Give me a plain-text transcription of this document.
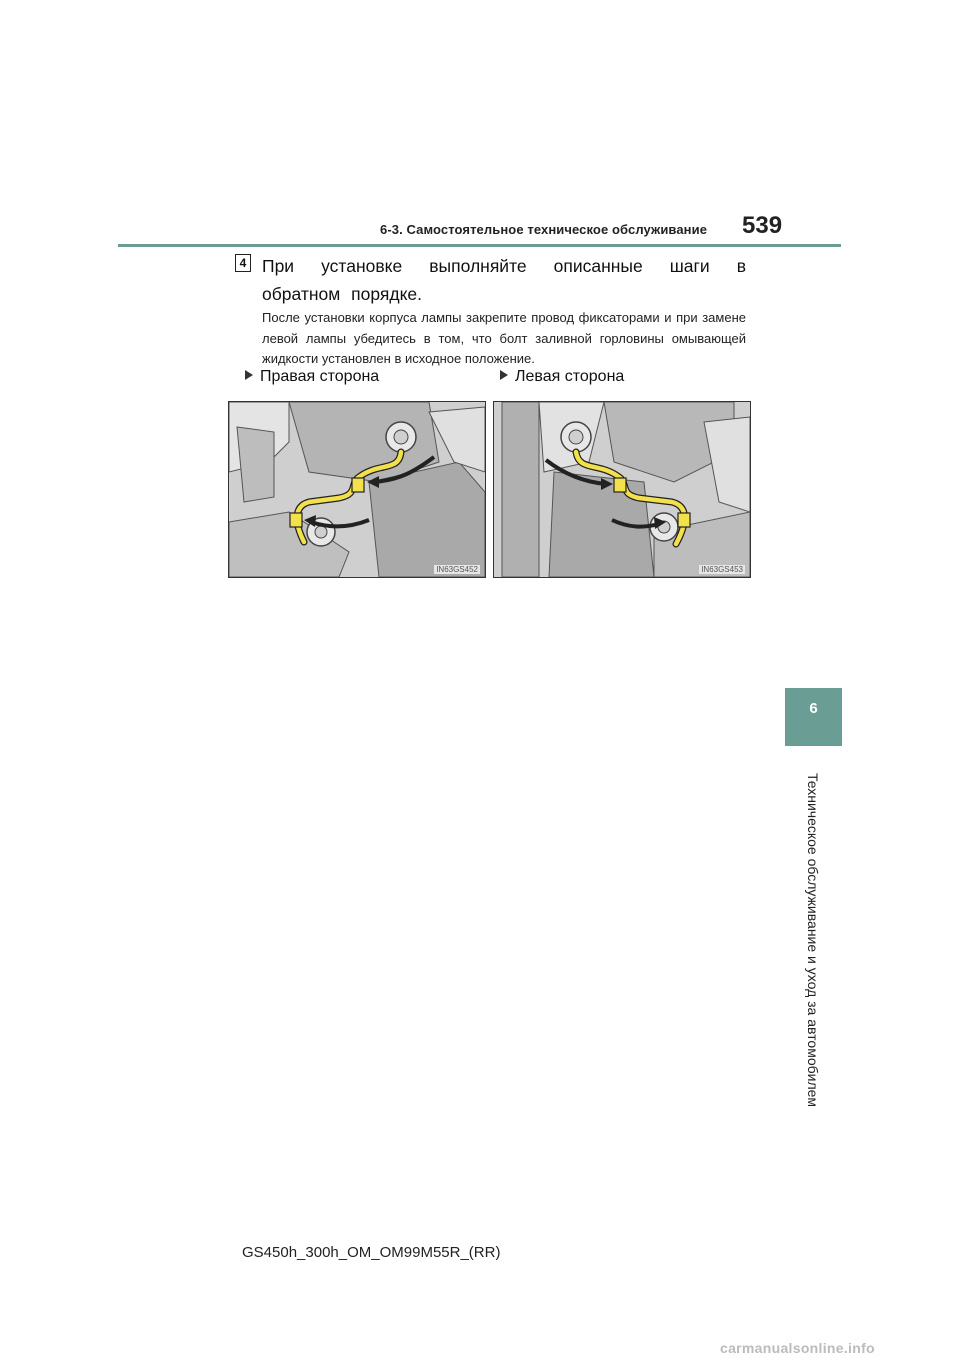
6-3. Самостоятельное техническое обслуживание 539
6
Техническое обслуживание и уход за автомобилем
4 При установке выполняйте описанные шаги в обратном порядке.
После установки корпуса лампы закрепите провод фиксаторами и при замене левой лампы убедитесь в том, что болт заливной горловины омывающей жидкости установлен в исходное положение.
Правая сторона	Левая сторона
IN63GS452	IN63GS453
GS450h_300h_OM_OM99M55R_(RR)
carmanualsonline.info
